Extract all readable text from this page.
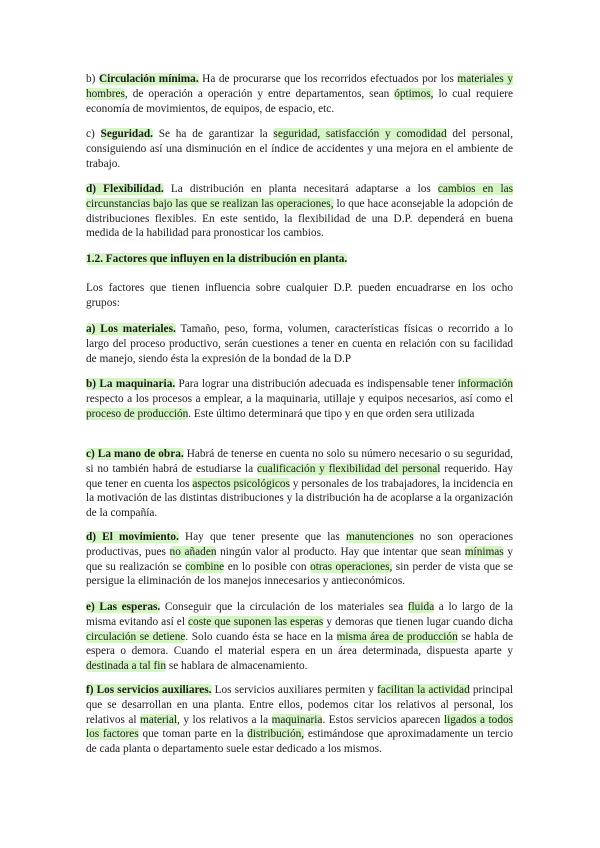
b) Circulación mínima. Ha de procurarse que los recorridos efectuados por los materiales y hombres, de operación a operación y entre departamentos, sean óptimos, lo cual requiere economía de movimientos, de equipos, de espacio, etc.

c) Seguridad. Se ha de garantizar la seguridad, satisfacción y comodidad del personal, consiguiendo así una disminución en el índice de accidentes y una mejora en el ambiente de trabajo.

d) Flexibilidad. La distribución en planta necesitará adaptarse a los cambios en las circunstancias bajo las que se realizan las operaciones, lo que hace aconsejable la adopción de distribuciones flexibles. En este sentido, la flexibilidad de una D.P. dependerá en buena medida de la habilidad para pronosticar los cambios.

1.2. Factores que influyen en la distribución en planta.

Los factores que tienen influencia sobre cualquier D.P. pueden encuadrarse en los ocho grupos:

a) Los materiales. Tamaño, peso, forma, volumen, características físicas o recorrido a lo largo del proceso productivo, serán cuestiones a tener en cuenta en relación con su facilidad de manejo, siendo ésta la expresión de la bondad de la D.P

b) La maquinaria. Para lograr una distribución adecuada es indispensable tener información respecto a los procesos a emplear, a la maquinaria, utillaje y equipos necesarios, así como el proceso de producción. Este último determinará que tipo y en que orden sera utilizada

c) La mano de obra. Habrá de tenerse en cuenta no solo su número necesario o su seguridad, si no también habrá de estudiarse la cualificación y flexibilidad del personal requerido. Hay que tener en cuenta los aspectos psicológicos y personales de los trabajadores, la incidencia en la motivación de las distintas distribuciones y la distribución ha de acoplarse a la organización de la compañía.

d) El movimiento. Hay que tener presente que las manutenciones no son operaciones productivas, pues no añaden ningún valor al producto. Hay que intentar que sean mínimas y que su realización se combine en lo posible con otras operaciones, sin perder de vista que se persigue la eliminación de los manejos innecesarios y antieconómicos.

e) Las esperas. Conseguir que la circulación de los materiales sea fluida a lo largo de la misma evitando así el coste que suponen las esperas y demoras que tienen lugar cuando dicha circulación se detiene. Solo cuando ésta se hace en la misma área de producción se habla de espera o demora. Cuando el material espera en un área determinada, dispuesta aparte y destinada a tal fin se hablara de almacenamiento.

f) Los servicios auxiliares. Los servicios auxiliares permiten y facilitan la actividad principal que se desarrollan en una planta. Entre ellos, podemos citar los relativos al personal, los relativos al material, y los relativos a la maquinaria. Estos servicios aparecen ligados a todos los factores que toman parte en la distribución, estimándose que aproximadamente un tercio de cada planta o departamento suele estar dedicado a los mismos.
